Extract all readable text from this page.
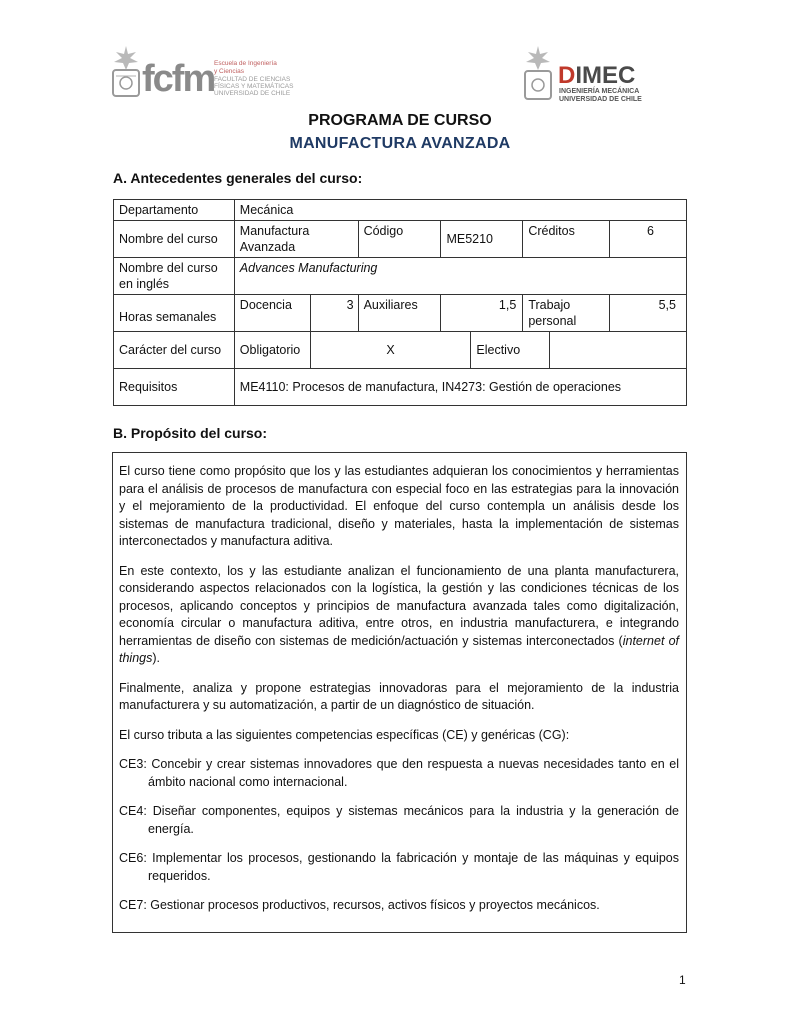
fcfm Escuela de Ingeniería
y Ciencias
FACULTAD DE CIENCIAS
FÍSICAS Y MATEMÁTICAS
UNIVERSIDAD DE CHILE
DIMEC
INGENIERÍA MECÁNICA
UNIVERSIDAD DE CHILE
PROGRAMA DE CURSO
MANUFACTURA AVANZADA
A. Antecedentes generales del curso:
Departamento	Mecánica							
Nombre del curso	Manufactura Avanzada		Código	ME5210		Créditos		6
Nombre del curso en inglés	Advances Manufacturing							
Horas semanales	Docencia	3	Auxiliares	1,5		Trabajo personal		5,5
Carácter del curso	Obligatorio	X			Electivo			
Requisitos	ME4110: Procesos de manufactura, IN4273: Gestión de operaciones							
B. Propósito del curso:

El curso tiene como propósito que los y las estudiantes adquieran los conocimientos y herramientas para el análisis de procesos de manufactura con especial foco en las estrategias para la innovación y el mejoramiento de la productividad. El enfoque del curso contempla un análisis desde los sistemas de manufactura tradicional, diseño y materiales, hasta la implementación de sistemas interconectados y manufactura aditiva.

En este contexto, los y las estudiante analizan el funcionamiento de una planta manufacturera, considerando aspectos relacionados con la logística, la gestión y las condiciones técnicas de los procesos, aplicando conceptos y principios de manufactura avanzada tales como digitalización, economía circular o manufactura aditiva, entre otros, en industria manufacturera, e integrando herramientas de diseño con sistemas de medición/actuación y sistemas interconectados (internet of things).

Finalmente, analiza y propone estrategias innovadoras para el mejoramiento de la industria manufacturera y su automatización, a partir de un diagnóstico de situación.

El curso tributa a las siguientes competencias específicas (CE) y genéricas (CG):

CE3: Concebir y crear sistemas innovadores que den respuesta a nuevas necesidades tanto en el ámbito nacional como internacional.
CE4: Diseñar componentes, equipos y sistemas mecánicos para la industria y la generación de energía.
CE6: Implementar los procesos, gestionando la fabricación y montaje de las máquinas y equipos requeridos.
CE7: Gestionar procesos productivos, recursos, activos físicos y proyectos mecánicos.
1
